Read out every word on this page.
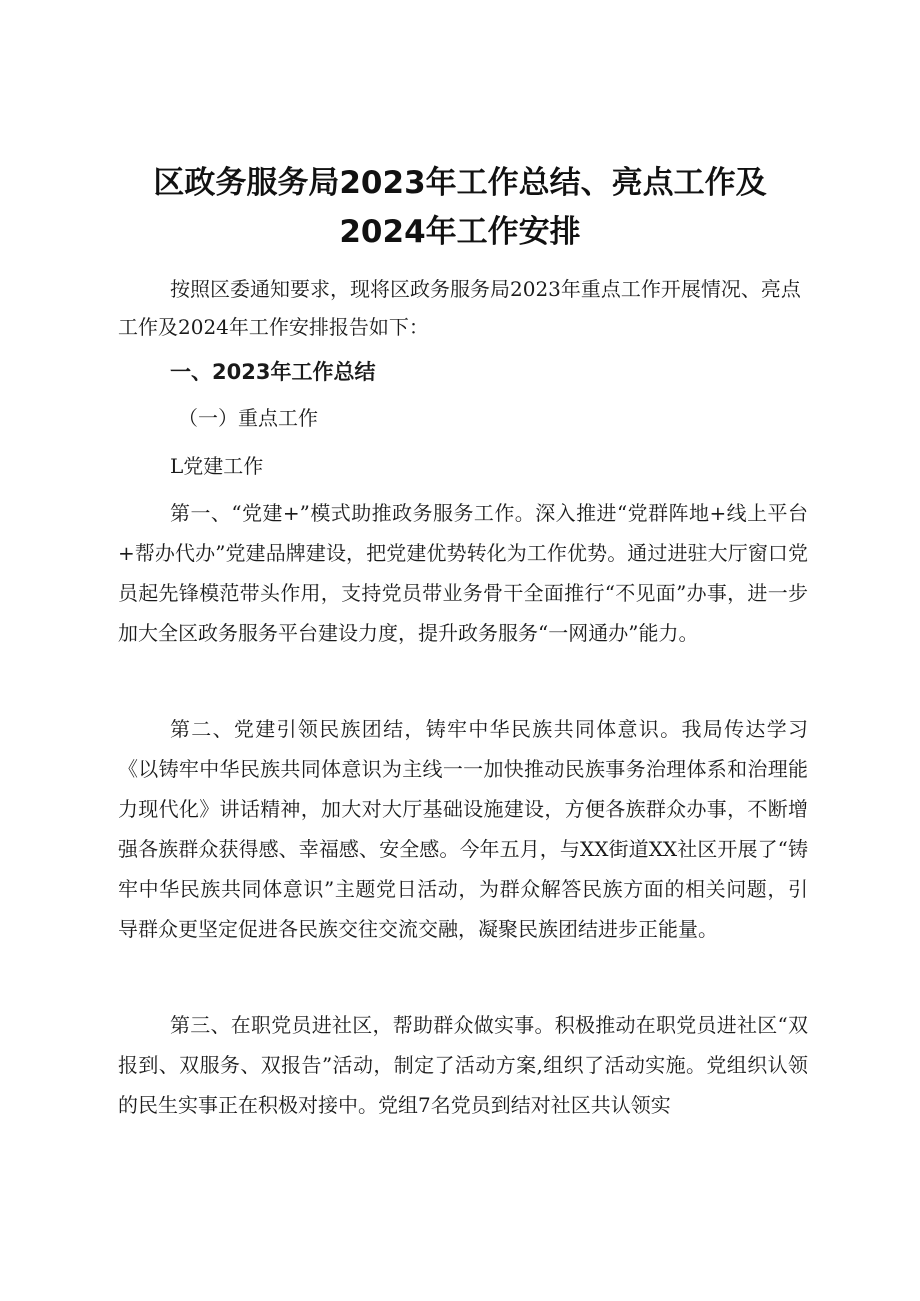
区政务服务局2023年工作总结、亮点工作及
2024年工作安排

按照区委通知要求，现将区政务服务局2023年重点工作开展情况、亮点工作及2024年工作安排报告如下：

一、2023年工作总结

（一）重点工作

L党建工作

第一、“党建+”模式助推政务服务工作。深入推进“党群阵地+线上平台+帮办代办”党建品牌建设，把党建优势转化为工作优势。通过进驻大厅窗口党员起先锋模范带头作用，支持党员带业务骨干全面推行“不见面”办事，进一步加大全区政务服务平台建设力度，提升政务服务“一网通办”能力。

第二、党建引领民族团结，铸牢中华民族共同体意识。我局传达学习《以铸牢中华民族共同体意识为主线一一加快推动民族事务治理体系和治理能力现代化》讲话精神，加大对大厅基础设施建设，方便各族群众办事，不断增强各族群众获得感、幸福感、安全感。今年五月，与XX街道XX社区开展了“铸牢中华民族共同体意识”主题党日活动，为群众解答民族方面的相关问题，引导群众更坚定促进各民族交往交流交融，凝聚民族团结进步正能量。

第三、在职党员进社区，帮助群众做实事。积极推动在职党员进社区“双报到、双服务、双报告”活动，制定了活动方案,组织了活动实施。党组织认领的民生实事正在积极对接中。党组7名党员到结对社区共认领实
